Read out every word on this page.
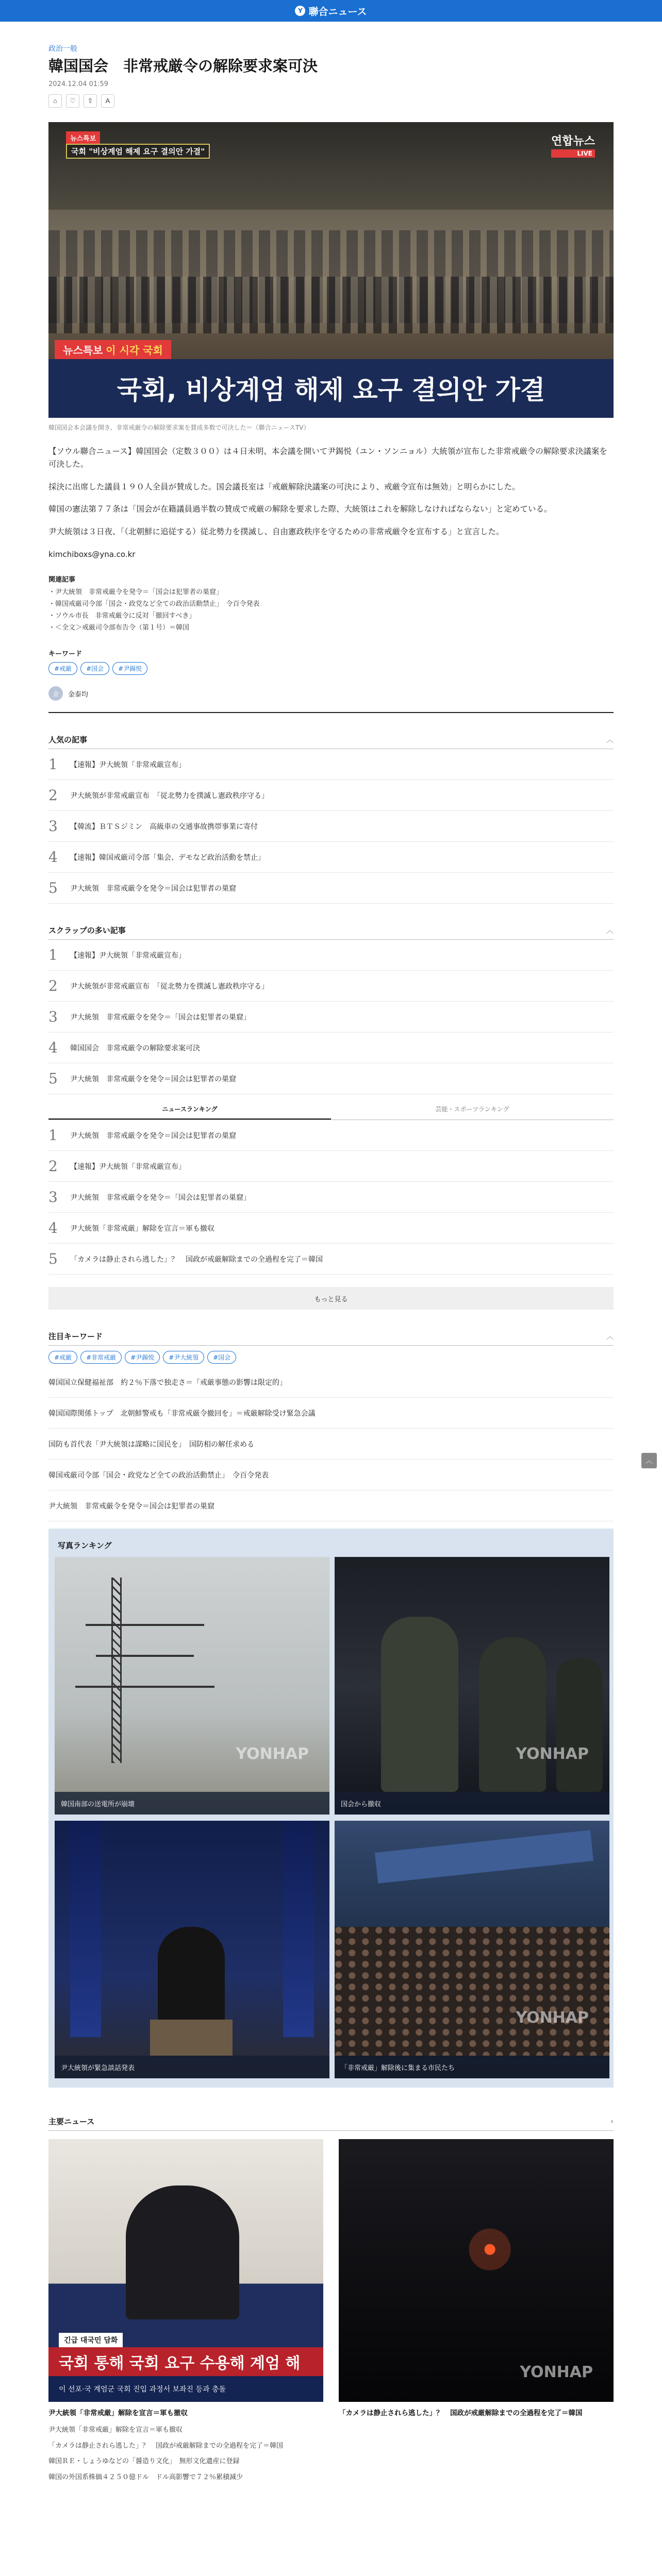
Y 聯合ニュース
政治一般
韓国国会　非常戒厳令の解除要求案可決
2024.12.04 01:59
⌂	♡	⇧	A
뉴스특보
국회 "비상계엄 해제 요구 결의안 가결"
연합뉴스
LIVE
뉴스특보 이 시각 국회
국회, 비상계엄 해제 요구 결의안 가결
韓国国会本会議を開き、非常戒厳令の解除要求案を賛成多数で可決した＝（聯合ニュースTV）

【ソウル聯合ニュース】韓国国会（定数３００）は４日未明、本会議を開いて尹錫悦（ユン・ソンニョル）大統領が宣布した非常戒厳令の解除要求決議案を可決した。

採決に出席した議員１９０人全員が賛成した。国会議長室は「戒厳解除決議案の可決により、戒厳令宣布は無効」と明らかにした。

韓国の憲法第７７条は「国会が在籍議員過半数の賛成で戒厳の解除を要求した際、大統領はこれを解除しなければならない」と定めている。

尹大統領は３日夜、「（北朝鮮に追従する）従北勢力を撲滅し、自由憲政秩序を守るための非常戒厳令を宣布する」と宣言した。

kimchiboxs@yna.co.kr
関連記事
・尹大統領　非常戒厳令を発令＝「国会は犯罪者の巣窟」
・韓国戒厳司令部「国会・政党など全ての政治活動禁止」　令百令発表
・ソウル市長　非常戒厳令に反対「撤回すべき」
・＜全文＞戒厳司令部布告令（第１号）＝韓国
キーワード
#戒厳	#国会	#尹錫悦
金	金泰均
人気の記事	︿
1	【速報】尹大統領「非常戒厳宣布」
2	尹大統領が非常戒厳宣布　「従北勢力を撲滅し憲政秩序守る」
3	【韓流】ＢＴＳジミン　高級車の交通事故携帯事業に寄付
4	【速報】韓国戒厳司令部「集会、デモなど政治活動を禁止」
5	尹大統領　非常戒厳令を発令＝国会は犯罪者の巣窟
スクラップの多い記事	︿
1	【速報】尹大統領「非常戒厳宣布」
2	尹大統領が非常戒厳宣布　「従北勢力を撲滅し憲政秩序守る」
3	尹大統領　非常戒厳令を発令＝「国会は犯罪者の巣窟」
4	韓国国会　非常戒厳令の解除要求案可決
5	尹大統領　非常戒厳令を発令＝国会は犯罪者の巣窟
ニュースランキング	芸能・スポーツランキング
1	尹大統領　非常戒厳令を発令＝国会は犯罪者の巣窟
2	【速報】尹大統領「非常戒厳宣布」
3	尹大統領　非常戒厳令を発令＝「国会は犯罪者の巣窟」
4	尹大統領「非常戒厳」解除を宣言＝軍も撤収
5	「カメラは静止されら逃した」？　国政が戒厳解除までの全過程を完了＝韓国
もっと見る
注目キーワード	︿
#戒厳	#非常戒厳	#尹錫悦	#尹大統領	#国会
韓国国立保健福祉部　約２％下落で独走さ＝「戒厳事態の影響は限定的」
韓国国際関係トップ　北朝鮮警戒も「非常戒厳令撤回を」＝戒厳解除受け緊急会議
国防も首代表「尹大統領は謀略に国民を」　国防相の解任求める
韓国戒厳司令部「国会・政党など全ての政治活動禁止」　令百令発表
尹大統領　非常戒厳令を発令＝国会は犯罪者の巣窟
写真ランキング
YONHAP
韓国南部の送電所が崩壊
YONHAP
国会から撤収
尹大統領が緊急談話発表
YONHAP
「非常戒厳」解除後に集まる市民たち
主要ニュース	›
긴급 대국민 담화
국회 통해 국회 요구 수용해 계엄 해
이 선포·국 계엄군 국회 진입 과정서 보좌진 등과 충돌
尹大統領「非常戒厳」解除を宣言＝軍も撤収
YONHAP
「カメラは静止されら逃した」？　国政が戒厳解除までの全過程を完了＝韓国
尹大統領「非常戒厳」解除を宣言＝軍も撤収
「カメラは静止されら逃した」？　国政が戒厳解除までの全過程を完了＝韓国
韓国ＲＥ・しょうゆなどの「醤造り文化」　無形文化遺産に登録
韓国の外国系株価４２５０億ドル　ドル高影響で７２％累積減少
︿
